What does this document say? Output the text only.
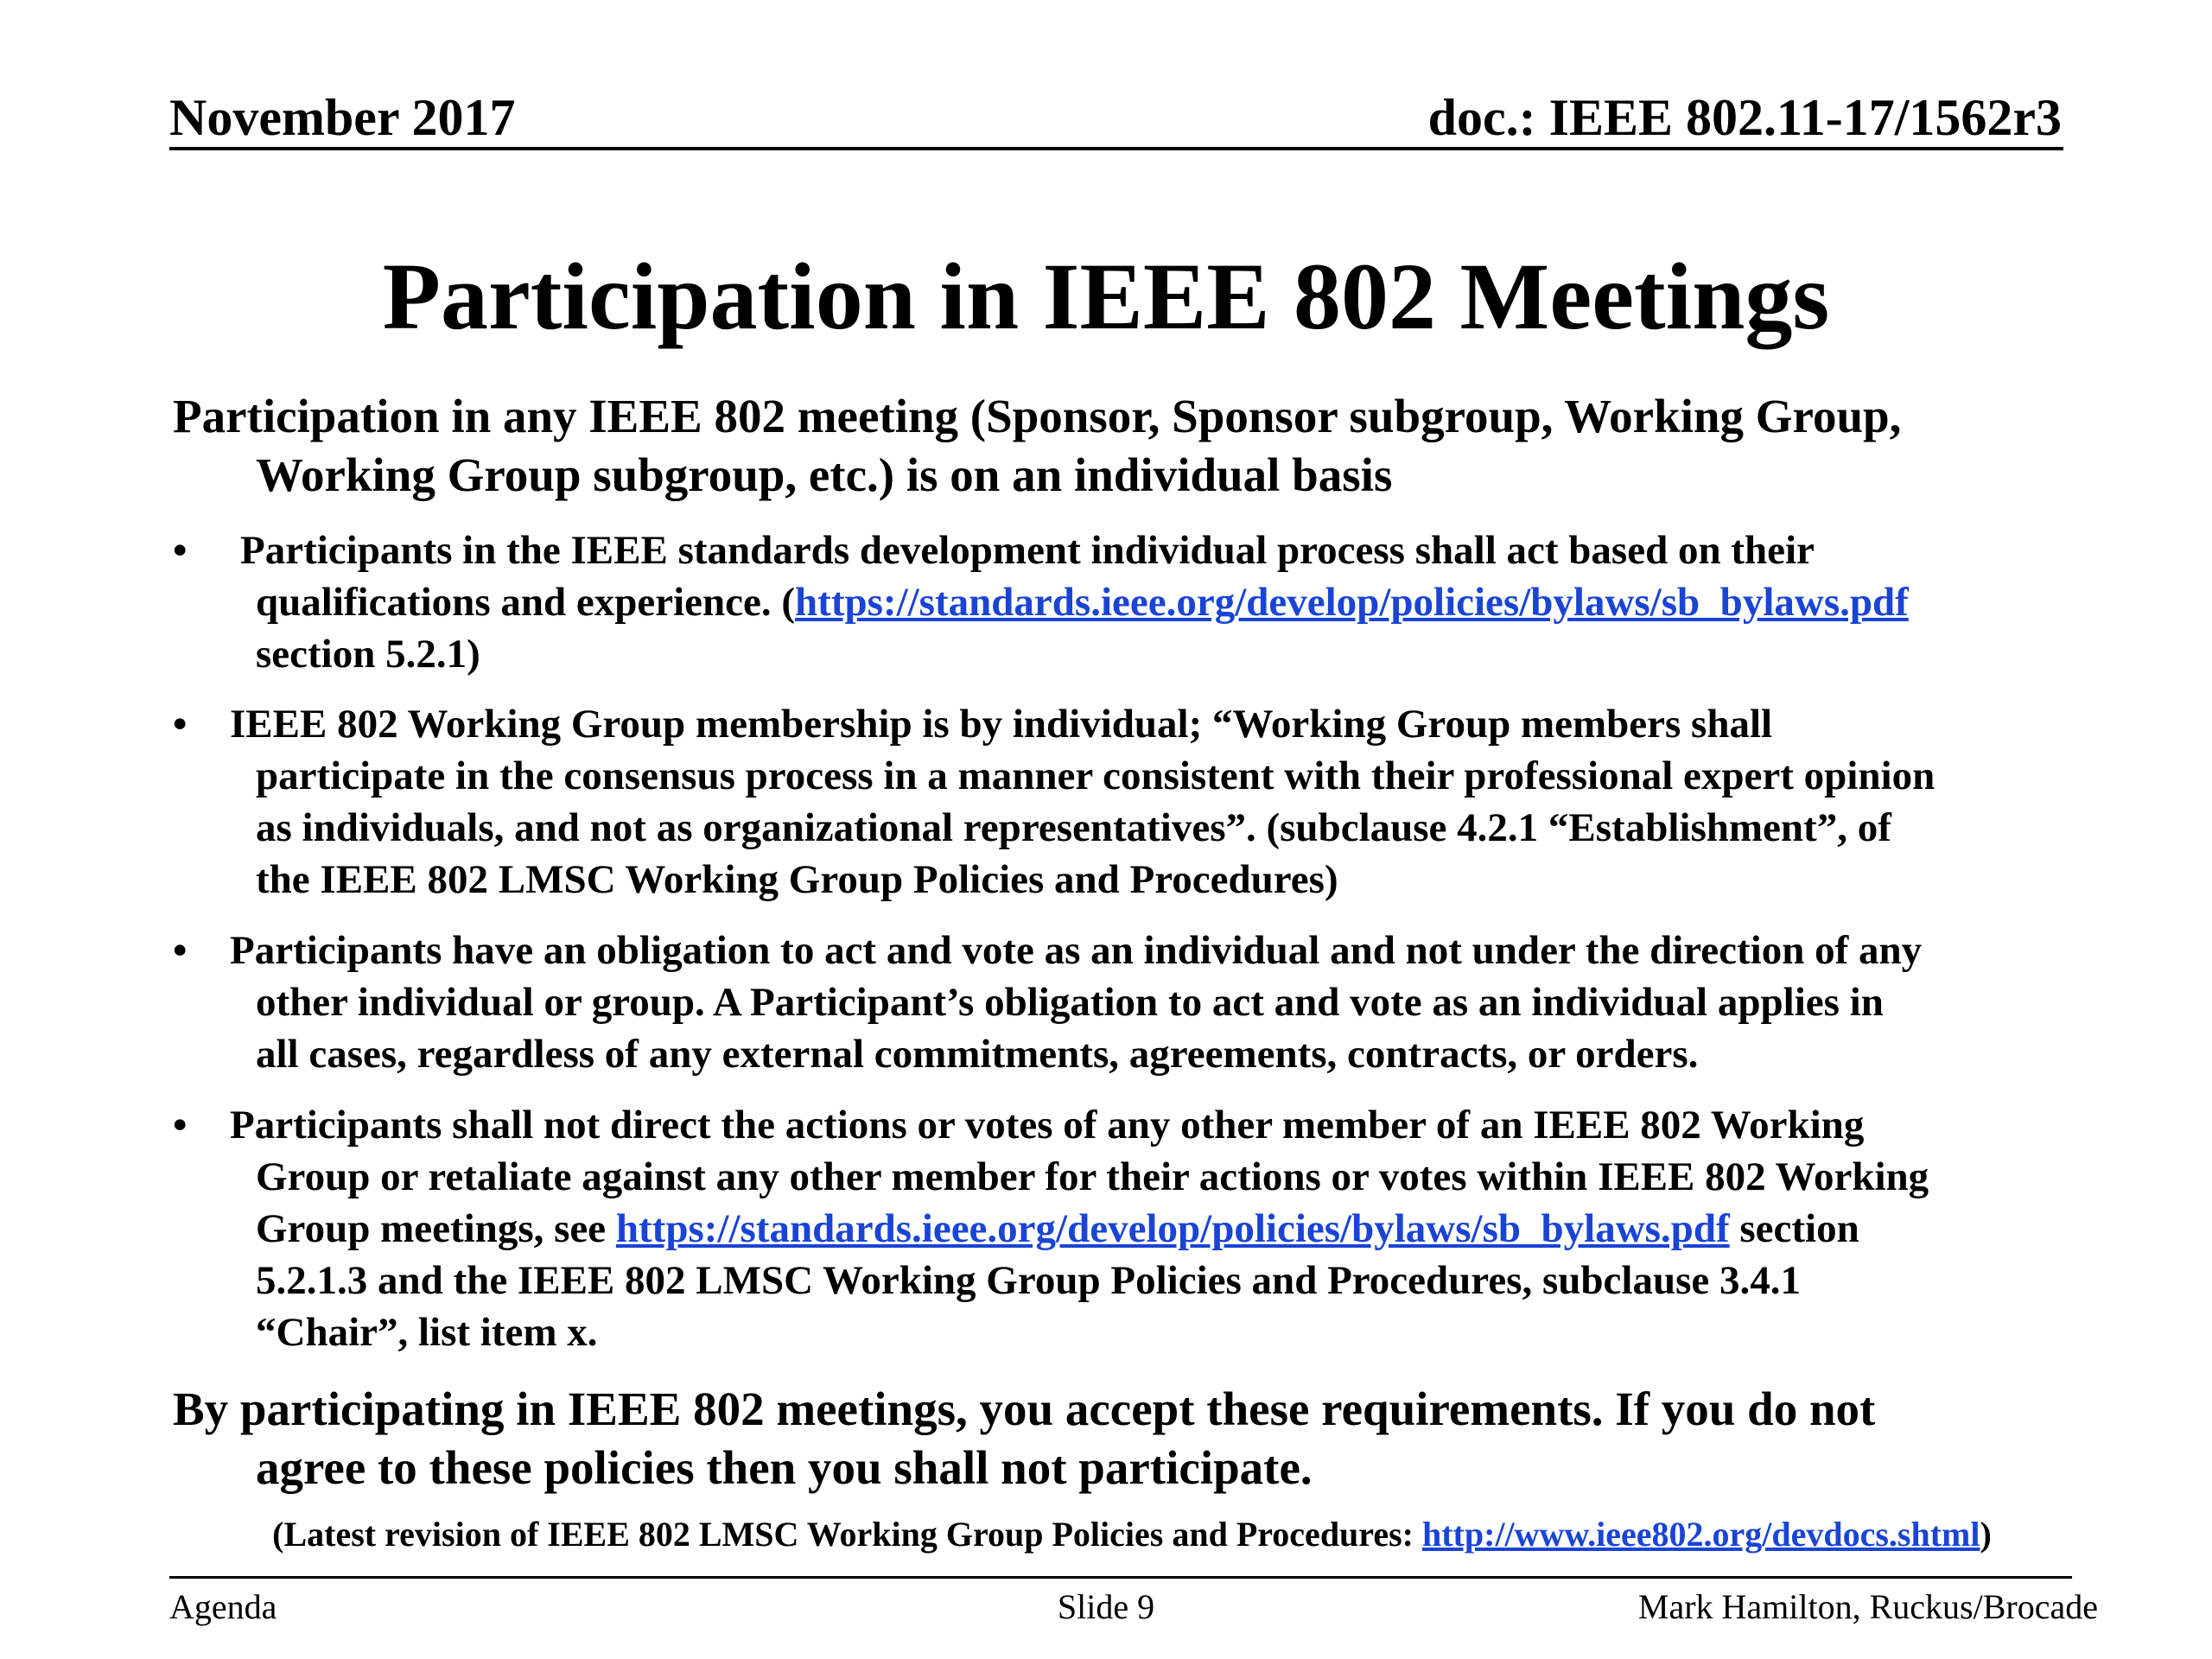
November 2017	doc.: IEEE 802.11-17/1562r3
Participation in IEEE 802 Meetings
Participation in any IEEE 802 meeting (Sponsor, Sponsor subgroup, Working Group,
Working Group subgroup, etc.) is on an individual basis
•	Participants in the IEEE standards development individual process shall act based on their
qualifications and experience. (https://standards.ieee.org/develop/policies/bylaws/sb_bylaws.pdf
section 5.2.1)
•	IEEE 802 Working Group membership is by individual; “Working Group members shall
participate in the consensus process in a manner consistent with their professional expert opinion
as individuals, and not as organizational representatives”. (subclause 4.2.1 “Establishment”, of
the IEEE 802 LMSC Working Group Policies and Procedures)
•	Participants have an obligation to act and vote as an individual and not under the direction of any
other individual or group. A Participant’s obligation to act and vote as an individual applies in
all cases, regardless of any external commitments, agreements, contracts, or orders.
•	Participants shall not direct the actions or votes of any other member of an IEEE 802 Working
Group or retaliate against any other member for their actions or votes within IEEE 802 Working
Group meetings, see https://standards.ieee.org/develop/policies/bylaws/sb_bylaws.pdf section
5.2.1.3 and the IEEE 802 LMSC Working Group Policies and Procedures, subclause 3.4.1
“Chair”, list item x.
By participating in IEEE 802 meetings, you accept these requirements. If you do not
agree to these policies then you shall not participate.
(Latest revision of IEEE 802 LMSC Working Group Policies and Procedures: http://www.ieee802.org/devdocs.shtml)
Agenda	Slide 9	Mark Hamilton, Ruckus/Brocade
